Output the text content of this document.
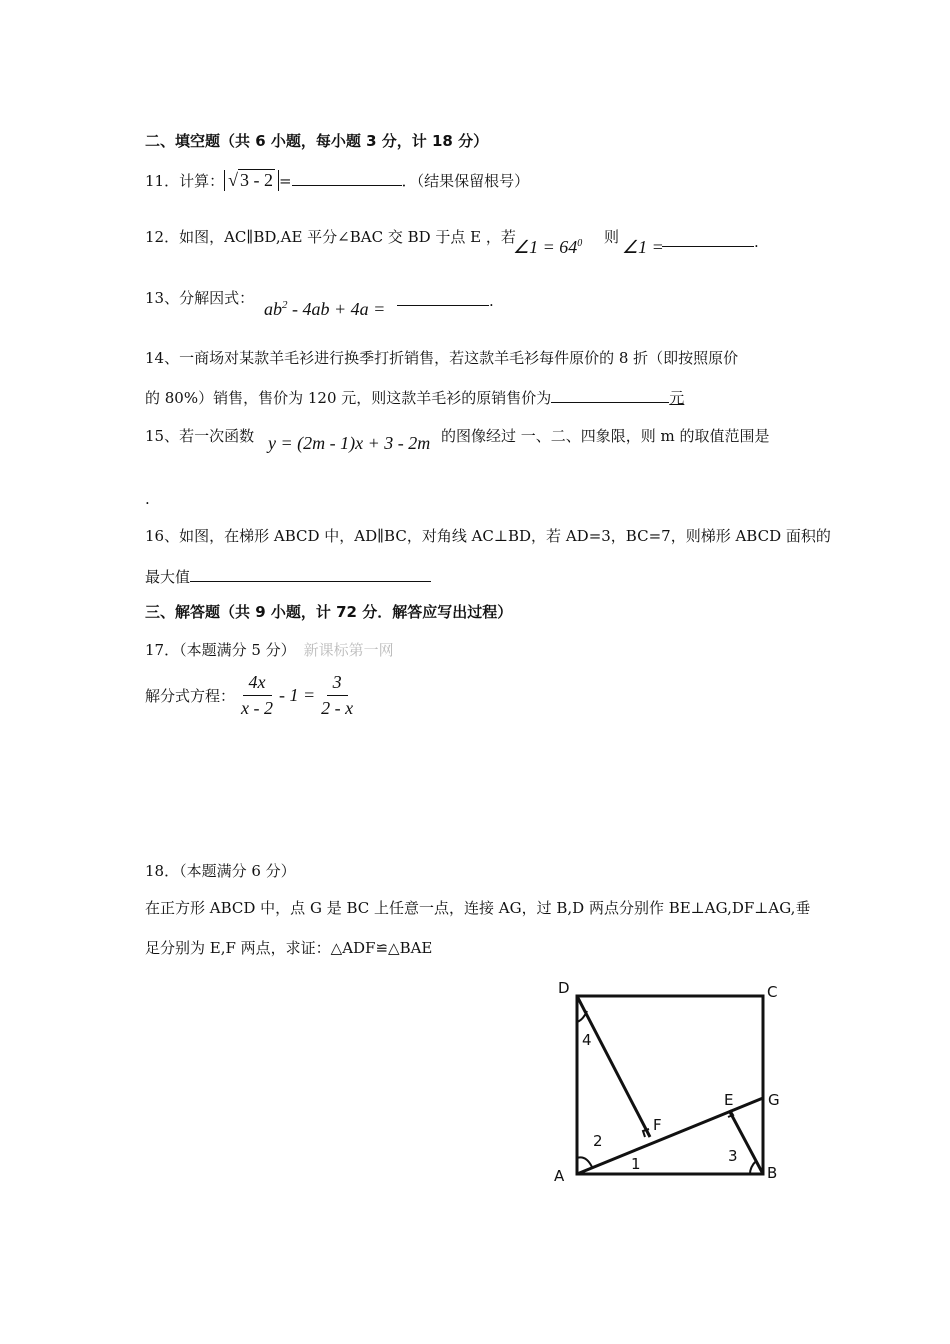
二、填空题（共 6 小题，每小题 3 分，计 18 分）
11．计算： √ 3 - 2 =	．（结果保留根号）
12．如图，AC∥BD,AE 平分∠BAC 交 BD 于点 E ，若
∠1 = $64^0$ 则 ∠1 =	.
13、分解因式：
$ab^2 - 4ab + 4a$ =	.
14、一商场对某款羊毛衫进行换季打折销售，若这款羊毛衫每件原价的 8 折（即按照原价
的 80%）销售，售价为 120 元，则这款羊毛衫的原销售价为	元
15、若一次函数 y = (2m - 1)x + 3 - 2m 的图像经过 一、二、四象限，则 m 的取值范围是
.
16、如图，在梯形 ABCD 中，AD∥BC，对角线 AC⊥BD，若 AD=3，BC=7，则梯形 ABCD 面积的
最大值
三、解答题（共 9 小题，计 72 分．解答应写出过程）
17．（本题满分 5 分） 新课标第一网
解分式方程： $\frac{4x}{x - 2} - 1 = \frac{3}{2 - x}$
18．（本题满分 6 分）
在正方形 ABCD 中，点 G 是 BC 上任意一点，连接 AG，过 B,D 两点分别作 BE⊥AG,DF⊥AG,垂
足分别为 E,F 两点，求证：△ADF≌△BAE
D	C
A	B
G
E
F
4
2
1	3
